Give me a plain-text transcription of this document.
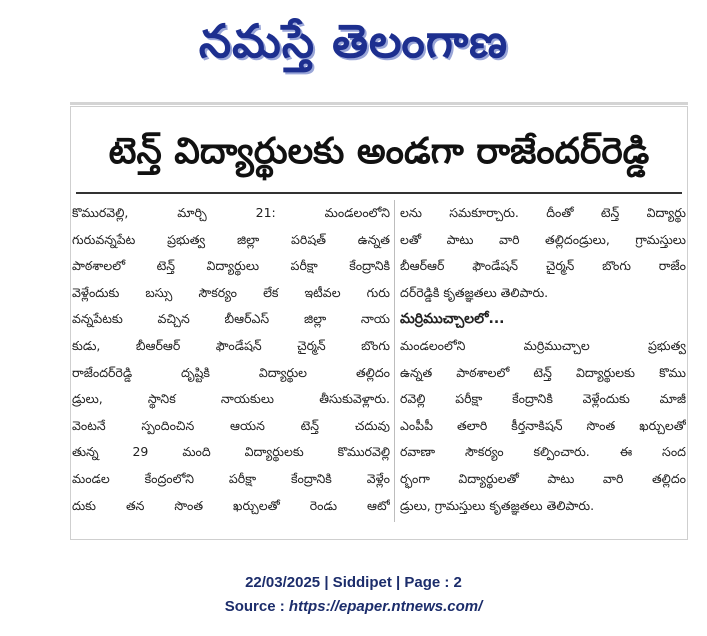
నమస్తే తెలంగాణ
టెన్త్ విద్యార్థులకు అండగా రాజేందర్‌రెడ్డి
కొమురవెల్లి, మార్చి 21: మండలంలోని
గురువన్నపేట ప్రభుత్వ జిల్లా పరిషత్ ఉన్నత
పాఠశాలలో టెన్త్ విద్యార్థులు పరీక్షా కేంద్రానికి
వెళ్లేందుకు బస్సు సౌకర్యం లేక ఇటీవల గురు
వన్నపేటకు వచ్చిన బీఆర్‌ఎస్ జిల్లా నాయ
కుడు, బీఆర్‌ఆర్ ఫౌండేషన్ చైర్మన్ బొంగు
రాజేందర్‌రెడ్డి దృష్టికి విద్యార్థుల తల్లిదం
డ్రులు, స్థానిక నాయకులు తీసుకువెళ్లారు.
వెంటనే స్పందించిన ఆయన టెన్త్ చదువు
తున్న 29 మంది విద్యార్థులకు కొమురవెల్లి
మండల కేంద్రంలోని పరీక్షా కేంద్రానికి వెళ్లేం
దుకు తన సొంత ఖర్చులతో రెండు ఆటో
లను సమకూర్చారు. దీంతో టెన్త్ విద్యార్థు
లతో పాటు వారి తల్లిదండ్రులు, గ్రామస్తులు
బీఆర్‌ఆర్ ఫౌండేషన్ చైర్మన్ బొంగు రాజేం
దర్‌రెడ్డికి కృతజ్ఞతలు తెలిపారు.
మర్రిముచ్చాలలో...
మండలంలోని మర్రిముచ్చాల ప్రభుత్వ
ఉన్నత పాఠశాలలో టెన్త్ విద్యార్థులకు కొము
రవెల్లి పరీక్షా కేంద్రానికి వెళ్లేందుకు మాజీ
ఎంపీపీ తలారి కీర్తనాకిషన్ సొంత ఖర్చులతో
రవాణా సౌకర్యం కల్పించారు. ఈ సంద
ర్భంగా విద్యార్థులతో పాటు వారి తల్లిదం
డ్రులు, గ్రామస్తులు కృతజ్ఞతలు తెలిపారు.
22/03/2025 | Siddipet | Page : 2
Source : https://epaper.ntnews.com/
